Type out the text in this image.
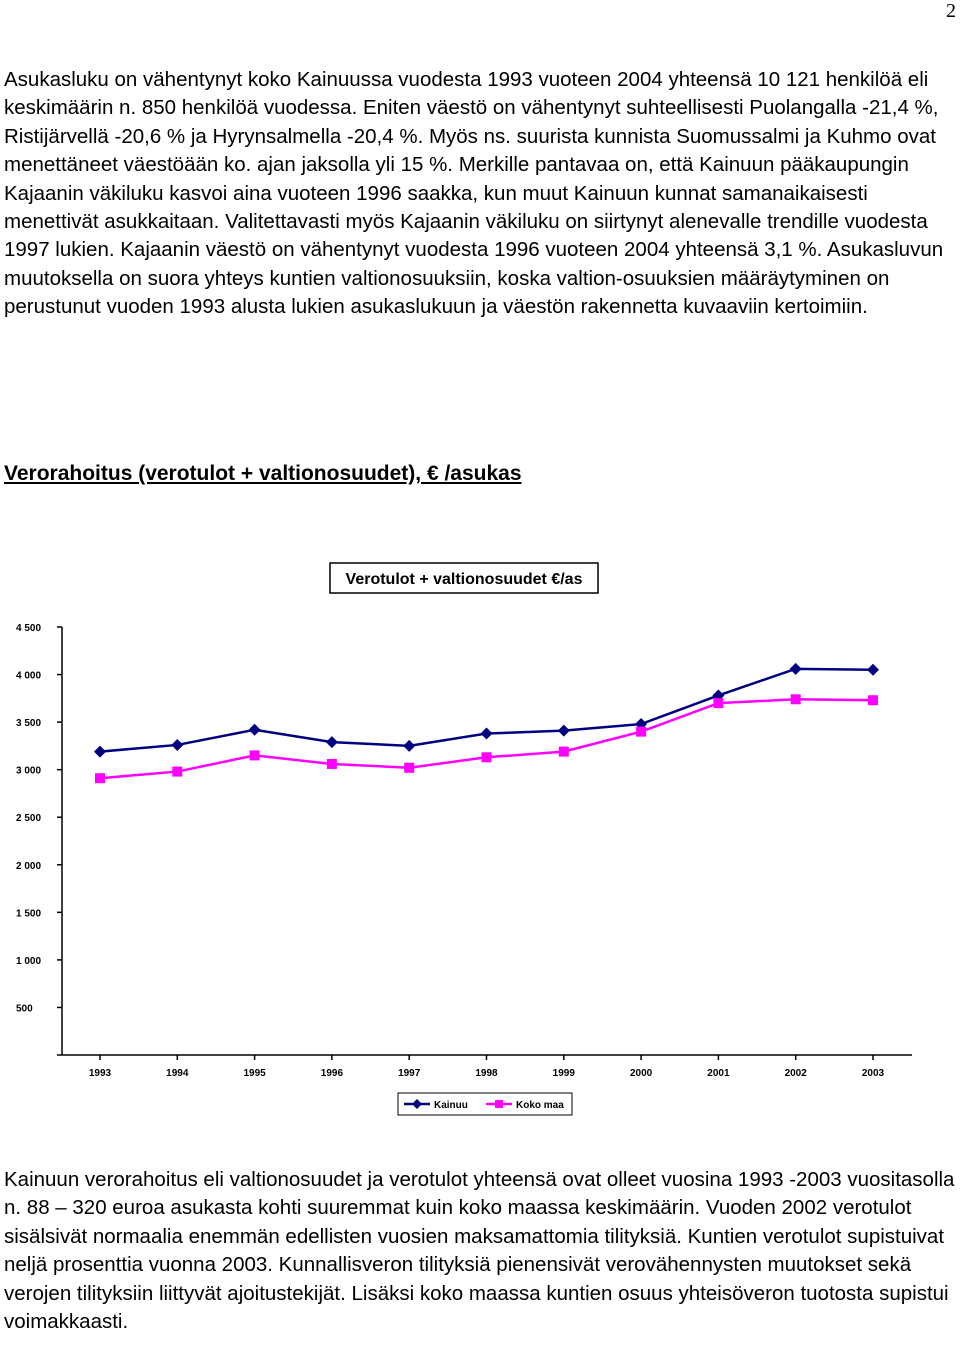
2

Asukasluku on vähentynyt koko Kainuussa vuodesta 1993 vuoteen 2004 yhteensä 10 121 henkilöä eli keskimäärin n. 850 henkilöä vuodessa. Eniten väestö on vähentynyt suhteellisesti Puolangalla -21,4 %, Ristijärvellä -20,6 % ja Hyrynsalmella -20,4 %. Myös ns. suurista kunnista Suomussalmi ja Kuhmo ovat menettäneet väestöään ko. ajan jaksolla yli 15 %. Merkille pantavaa on, että Kainuun pääkaupungin Kajaanin väkiluku kasvoi aina vuoteen 1996 saakka, kun muut Kainuun kunnat samanaikaisesti menettivät asukkaitaan. Valitettavasti myös Kajaanin väkiluku on siirtynyt alenevalle trendille vuodesta 1997 lukien. Kajaanin väestö on vähentynyt vuodesta 1996 vuoteen 2004 yhteensä 3,1 %. Asukasluvun muutoksella on suora yhteys kuntien valtionosuuksiin, koska valtion-osuuksien määräytyminen on perustunut vuoden 1993 alusta lukien asukaslukuun ja väestön rakennetta kuvaaviin kertoimiin.

Verorahoitus (verotulot + valtionosuudet), € /asukas

Verotulot + valtionosuudet €/as
500
1 000
1 500
2 000
2 500
3 000
3 500
4 000
4 500
1993	1994	1995	1996	1997	1998	1999	2000	2001	2002	2003
Kainuu	Koko maa

Kainuun verorahoitus eli valtionosuudet ja verotulot yhteensä ovat olleet vuosina 1993 -2003 vuositasolla n. 88 – 320 euroa asukasta kohti suuremmat kuin koko maassa keskimäärin. Vuoden 2002 verotulot sisälsivät normaalia enemmän edellisten vuosien maksamattomia tilityksiä. Kuntien verotulot supistuivat neljä prosenttia vuonna 2003. Kunnallisveron tilityksiä pienensivät verovähennysten muutokset sekä verojen tilityksiin liittyvät ajoitustekijät. Lisäksi koko maassa kuntien osuus yhteisöveron tuotosta supistui voimakkaasti.
